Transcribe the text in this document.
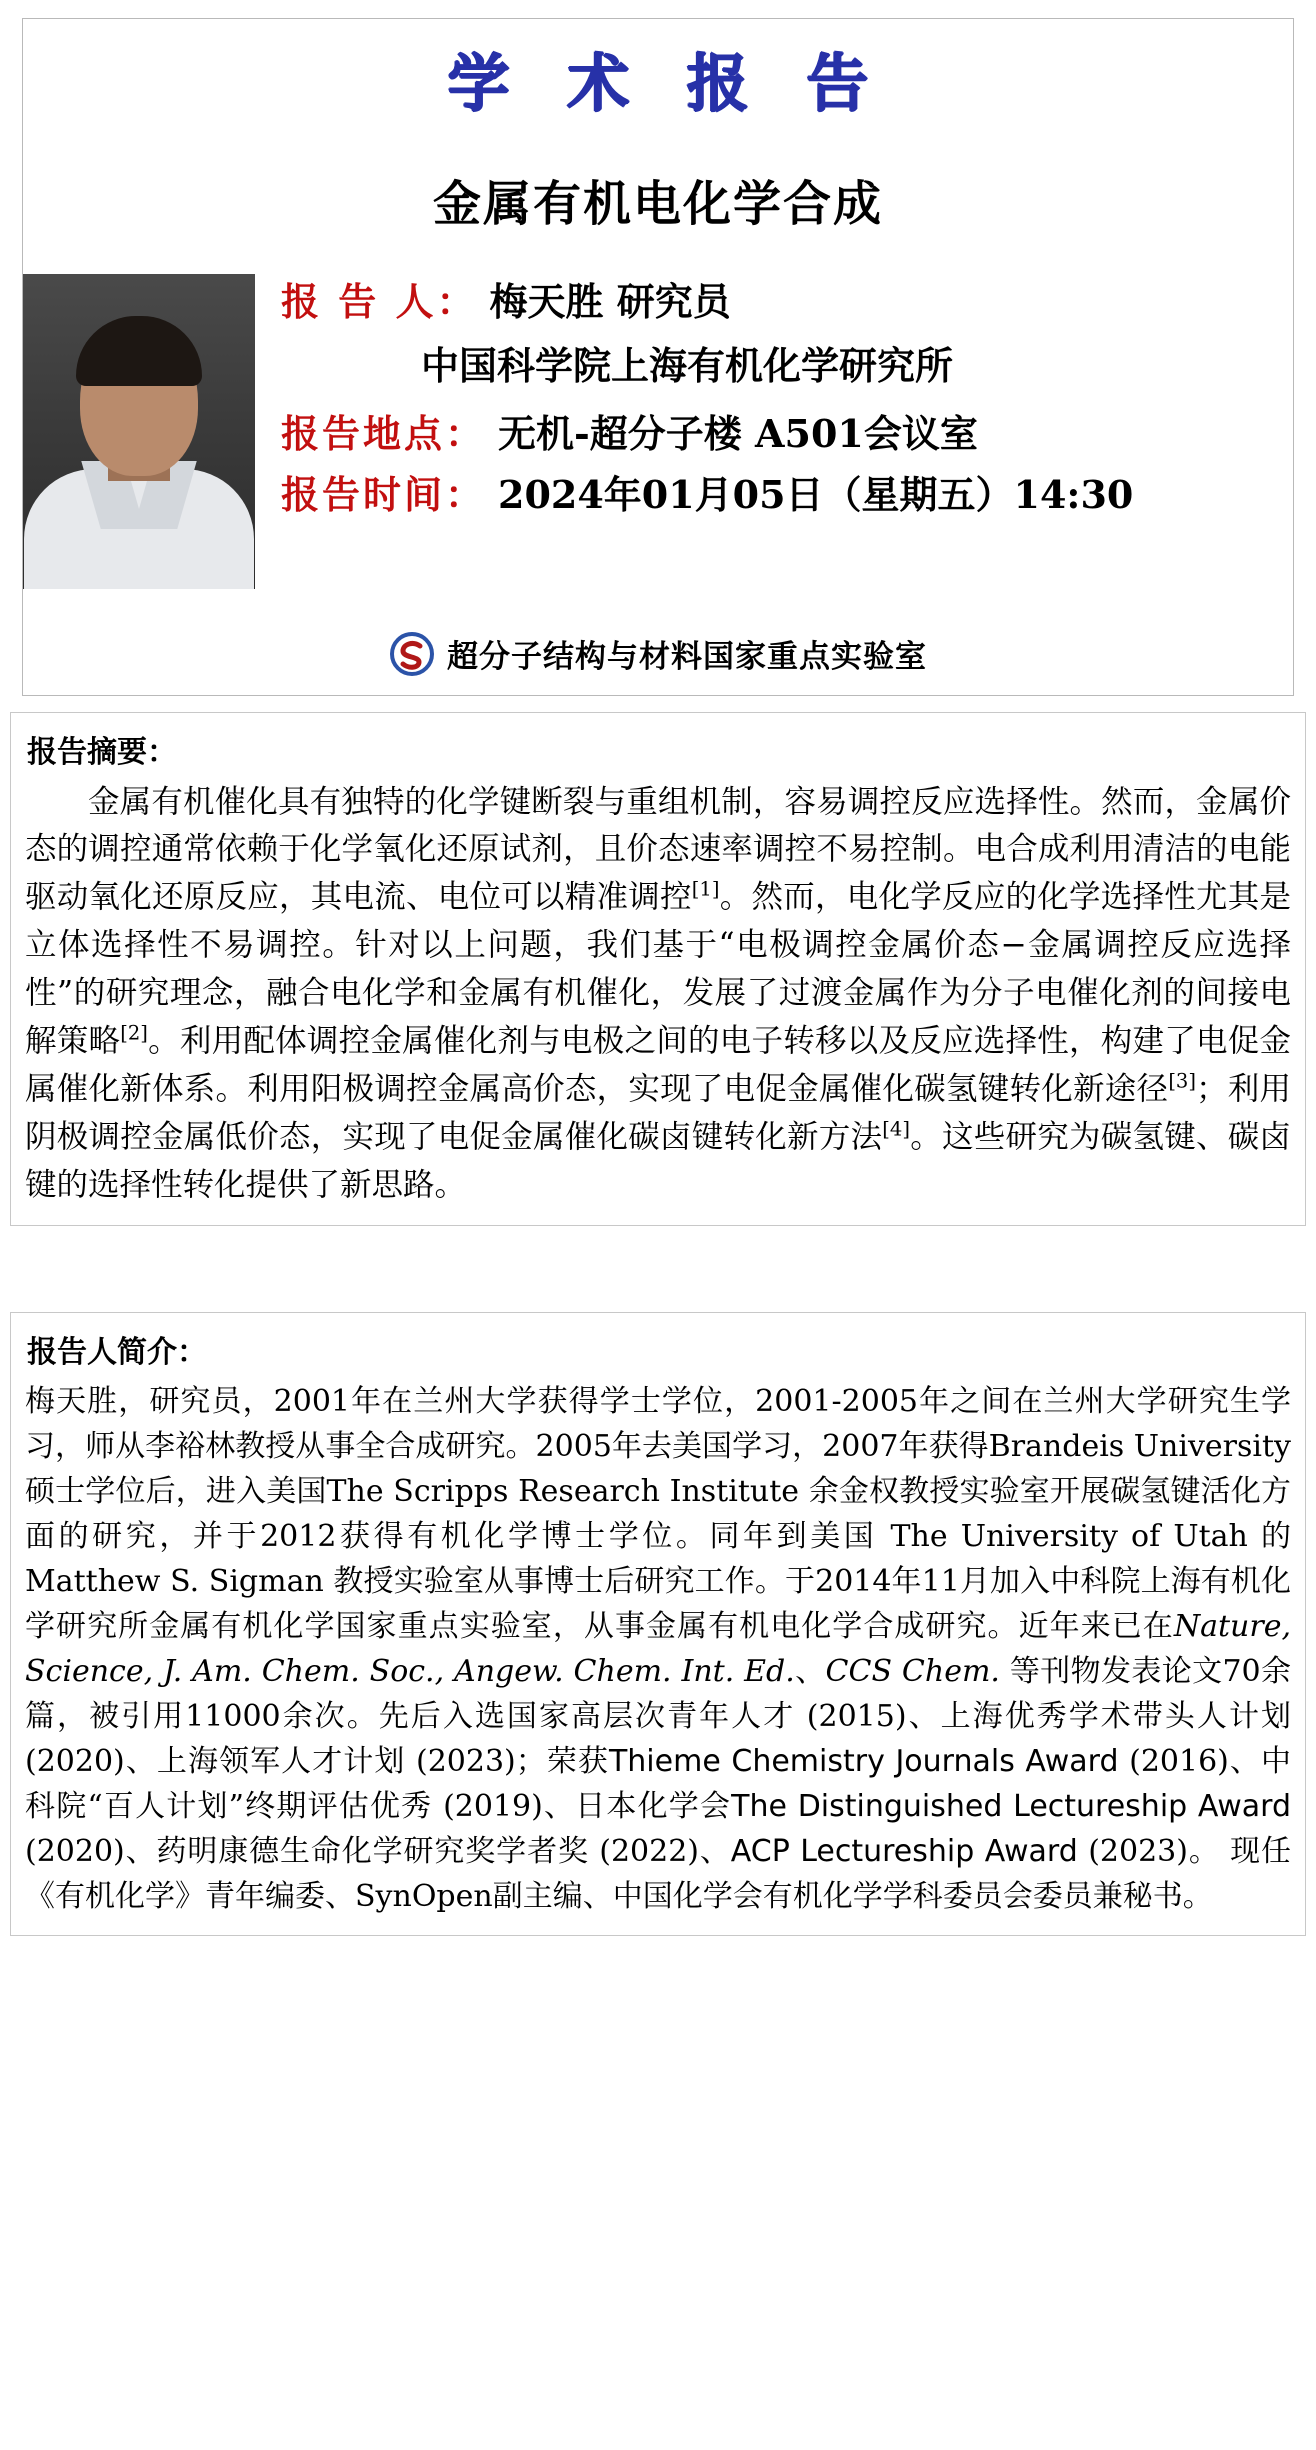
学 术 报 告
金属有机电化学合成
报 告 人： 梅天胜 研究员
中国科学院上海有机化学研究所
报告地点： 无机-超分子楼 A501会议室
报告时间： 2024年01月05日（星期五）14:30
超分子结构与材料国家重点实验室
报告摘要：
金属有机催化具有独特的化学键断裂与重组机制，容易调控反应选择性。然而，金属价态的调控通常依赖于化学氧化还原试剂，且价态速率调控不易控制。电合成利用清洁的电能驱动氧化还原反应，其电流、电位可以精准调控[1]。然而，电化学反应的化学选择性尤其是立体选择性不易调控。针对以上问题，我们基于“电极调控金属价态−金属调控反应选择性”的研究理念，融合电化学和金属有机催化，发展了过渡金属作为分子电催化剂的间接电解策略[2]。利用配体调控金属催化剂与电极之间的电子转移以及反应选择性，构建了电促金属催化新体系。利用阳极调控金属高价态，实现了电促金属催化碳氢键转化新途径[3]；利用阴极调控金属低价态，实现了电促金属催化碳卤键转化新方法[4]。这些研究为碳氢键、碳卤键的选择性转化提供了新思路。
报告人简介：
梅天胜，研究员，2001年在兰州大学获得学士学位，2001-2005年之间在兰州大学研究生学习，师从李裕林教授从事全合成研究。2005年去美国学习，2007年获得Brandeis University硕士学位后，进入美国The Scripps Research Institute 余金权教授实验室开展碳氢键活化方面的研究，并于2012获得有机化学博士学位。同年到美国 The University of Utah 的 Matthew S. Sigman 教授实验室从事博士后研究工作。于2014年11月加入中科院上海有机化学研究所金属有机化学国家重点实验室，从事金属有机电化学合成研究。近年来已在Nature, Science, J. Am. Chem. Soc., Angew. Chem. Int. Ed.、CCS Chem. 等刊物发表论文70余篇，被引用11000余次。先后入选国家高层次青年人才 (2015)、上海优秀学术带头人计划 (2020)、上海领军人才计划 (2023)；荣获Thieme Chemistry Journals Award (2016)、中科院“百人计划”终期评估优秀 (2019)、日本化学会The Distinguished Lectureship Award (2020)、药明康德生命化学研究奖学者奖 (2022)、ACP Lectureship Award (2023)。 现任《有机化学》青年编委、SynOpen副主编、中国化学会有机化学学科委员会委员兼秘书。
